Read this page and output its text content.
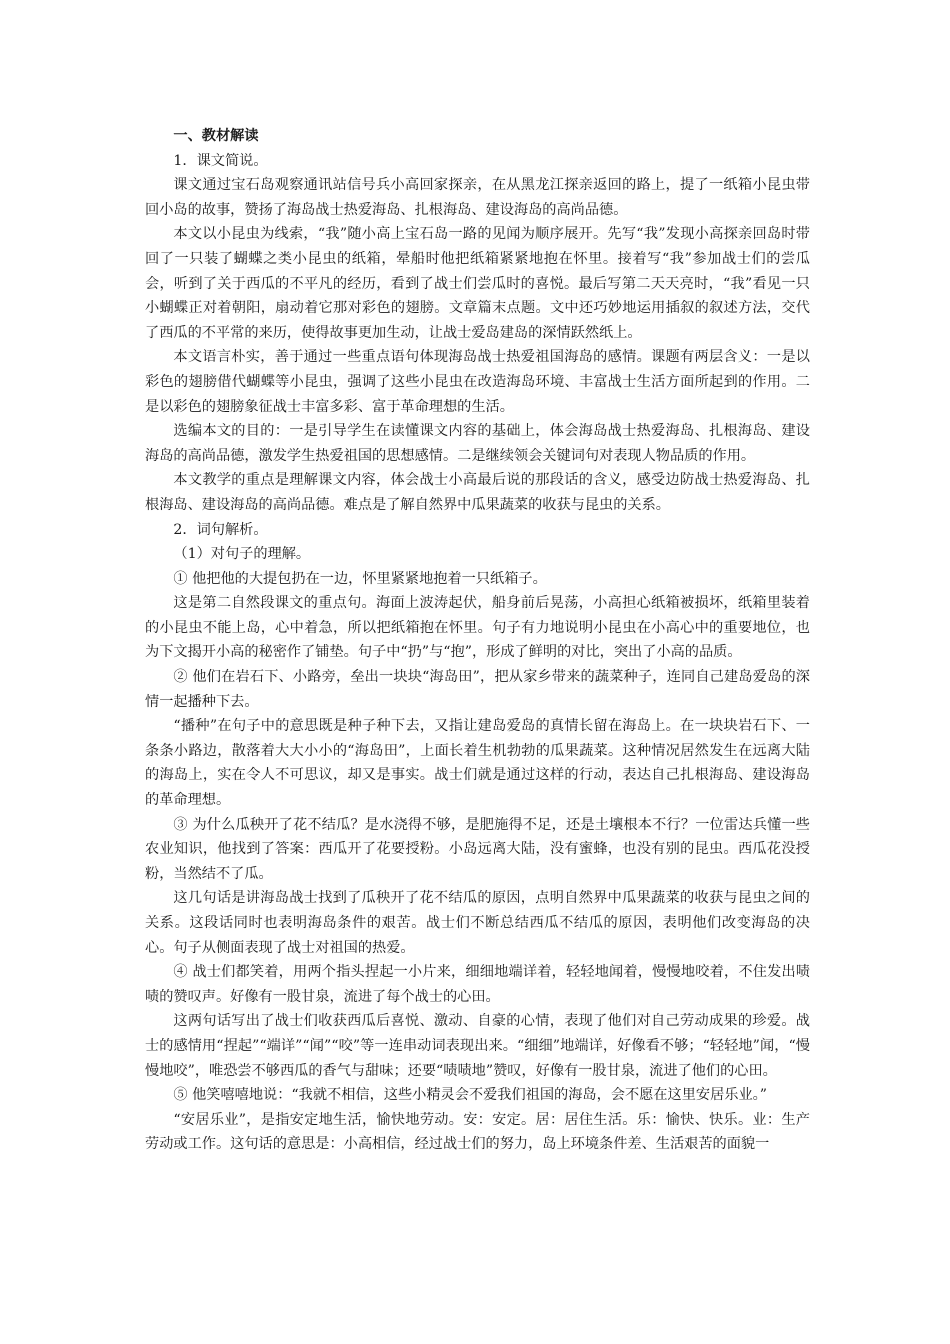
一、教材解读

1．课文简说。

课文通过宝石岛观察通讯站信号兵小高回家探亲，在从黑龙江探亲返回的路上，提了一纸箱小昆虫带回小岛的故事，赞扬了海岛战士热爱海岛、扎根海岛、建设海岛的高尚品德。

本文以小昆虫为线索，“我”随小高上宝石岛一路的见闻为顺序展开。先写“我”发现小高探亲回岛时带回了一只装了蝴蝶之类小昆虫的纸箱，晕船时他把纸箱紧紧地抱在怀里。接着写“我”参加战士们的尝瓜会，听到了关于西瓜的不平凡的经历，看到了战士们尝瓜时的喜悦。最后写第二天天亮时，“我”看见一只小蝴蝶正对着朝阳，扇动着它那对彩色的翅膀。文章篇末点题。文中还巧妙地运用插叙的叙述方法，交代了西瓜的不平常的来历，使得故事更加生动，让战士爱岛建岛的深情跃然纸上。

本文语言朴实，善于通过一些重点语句体现海岛战士热爱祖国海岛的感情。课题有两层含义：一是以彩色的翅膀借代蝴蝶等小昆虫，强调了这些小昆虫在改造海岛环境、丰富战士生活方面所起到的作用。二是以彩色的翅膀象征战士丰富多彩、富于革命理想的生活。

选编本文的目的：一是引导学生在读懂课文内容的基础上，体会海岛战士热爱海岛、扎根海岛、建设海岛的高尚品德，激发学生热爱祖国的思想感情。二是继续领会关键词句对表现人物品质的作用。

本文教学的重点是理解课文内容，体会战士小高最后说的那段话的含义，感受边防战士热爱海岛、扎根海岛、建设海岛的高尚品德。难点是了解自然界中瓜果蔬菜的收获与昆虫的关系。

2．词句解析。

（1）对句子的理解。

① 他把他的大提包扔在一边，怀里紧紧地抱着一只纸箱子。

这是第二自然段课文的重点句。海面上波涛起伏，船身前后晃荡，小高担心纸箱被损坏，纸箱里装着的小昆虫不能上岛，心中着急，所以把纸箱抱在怀里。句子有力地说明小昆虫在小高心中的重要地位，也为下文揭开小高的秘密作了铺垫。句子中“扔”与“抱”，形成了鲜明的对比，突出了小高的品质。

② 他们在岩石下、小路旁，垒出一块块“海岛田”，把从家乡带来的蔬菜种子，连同自己建岛爱岛的深情一起播种下去。

“播种”在句子中的意思既是种子种下去，又指让建岛爱岛的真情长留在海岛上。在一块块岩石下、一条条小路边，散落着大大小小的“海岛田”，上面长着生机勃勃的瓜果蔬菜。这种情况居然发生在远离大陆的海岛上，实在令人不可思议，却又是事实。战士们就是通过这样的行动，表达自己扎根海岛、建设海岛的革命理想。

③ 为什么瓜秧开了花不结瓜？是水浇得不够，是肥施得不足，还是土壤根本不行？一位雷达兵懂一些农业知识，他找到了答案：西瓜开了花要授粉。小岛远离大陆，没有蜜蜂，也没有别的昆虫。西瓜花没授粉，当然结不了瓜。

这几句话是讲海岛战士找到了瓜秧开了花不结瓜的原因，点明自然界中瓜果蔬菜的收获与昆虫之间的关系。这段话同时也表明海岛条件的艰苦。战士们不断总结西瓜不结瓜的原因，表明他们改变海岛的决心。句子从侧面表现了战士对祖国的热爱。

④ 战士们都笑着，用两个指头捏起一小片来，细细地端详着，轻轻地闻着，慢慢地咬着，不住发出啧啧的赞叹声。好像有一股甘泉，流进了每个战士的心田。

这两句话写出了战士们收获西瓜后喜悦、激动、自豪的心情，表现了他们对自己劳动成果的珍爱。战士的感情用“捏起”“端详”“闻”“咬”等一连串动词表现出来。“细细”地端详，好像看不够；“轻轻地”闻，“慢慢地咬”，唯恐尝不够西瓜的香气与甜味；还要“啧啧地”赞叹，好像有一股甘泉，流进了他们的心田。

⑤ 他笑嘻嘻地说：“我就不相信，这些小精灵会不爱我们祖国的海岛，会不愿在这里安居乐业。”

“安居乐业”，是指安定地生活，愉快地劳动。安：安定。居：居住生活。乐：愉快、快乐。业：生产劳动或工作。这句话的意思是：小高相信，经过战士们的努力，岛上环境条件差、生活艰苦的面貌一
